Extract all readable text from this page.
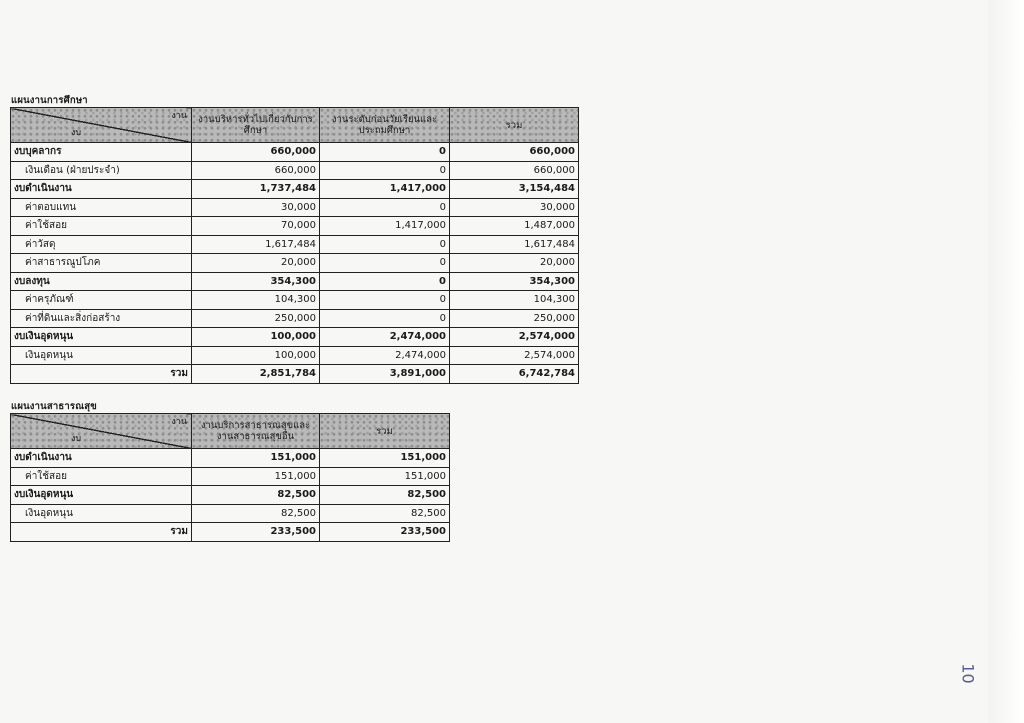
แผนงานการศึกษา
งาน
งบ	งานบริหารทั่วไปเกี่ยวกับการศึกษา	งานระดับก่อนวัยเรียนและประถมศึกษา	รวม
งบบุคลากร	660,000	0	660,000
เงินเดือน (ฝ่ายประจำ)	660,000	0	660,000
งบดำเนินงาน	1,737,484	1,417,000	3,154,484
ค่าตอบแทน	30,000	0	30,000
ค่าใช้สอย	70,000	1,417,000	1,487,000
ค่าวัสดุ	1,617,484	0	1,617,484
ค่าสาธารณูปโภค	20,000	0	20,000
งบลงทุน	354,300	0	354,300
ค่าครุภัณฑ์	104,300	0	104,300
ค่าที่ดินและสิ่งก่อสร้าง	250,000	0	250,000
งบเงินอุดหนุน	100,000	2,474,000	2,574,000
เงินอุดหนุน	100,000	2,474,000	2,574,000
รวม	2,851,784	3,891,000	6,742,784
แผนงานสาธารณสุข
งาน
งบ	งานบริการสาธารณสุขและงานสาธารณสุขอื่น	รวม
งบดำเนินงาน	151,000	151,000
ค่าใช้สอย	151,000	151,000
งบเงินอุดหนุน	82,500	82,500
เงินอุดหนุน	82,500	82,500
รวม	233,500	233,500
10
